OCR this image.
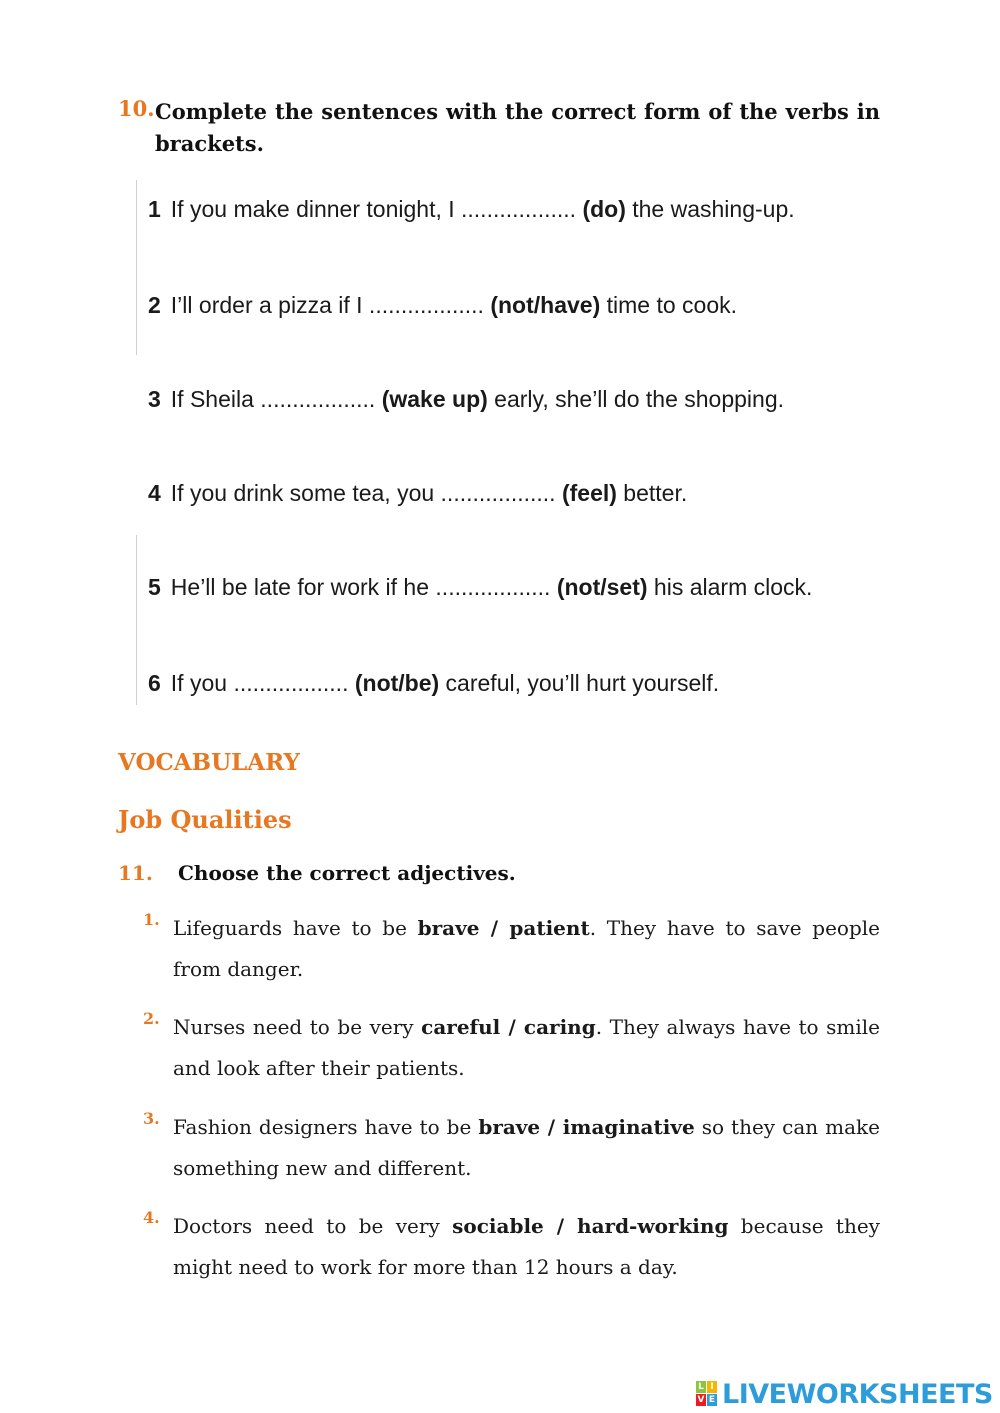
10. Complete the sentences with the correct form of the verbs in brackets.
1 If you make dinner tonight, I .................. (do) the washing-up.
2 I’ll order a pizza if I .................. (not/have) time to cook.
3 If Sheila .................. (wake up) early, she’ll do the shopping.
4 If you drink some tea, you .................. (feel) better.
5 He’ll be late for work if he .................. (not/set) his alarm clock.
6 If you .................. (not/be) careful, you’ll hurt yourself.
VOCABULARY
Job Qualities
11. Choose the correct adjectives.
1. Lifeguards have to be brave / patient. They have to save people from danger.
2. Nurses need to be very careful / caring. They always have to smile and look after their patients.
3. Fashion designers have to be brave / imaginative so they can make something new and different.
4. Doctors need to be very sociable / hard-working because they might need to work for more than 12 hours a day.
L I
V E LIVEWORKSHEETS
